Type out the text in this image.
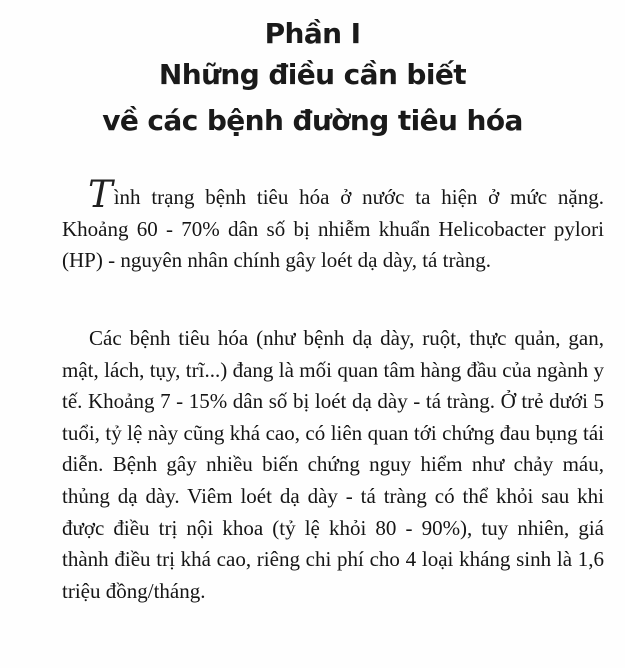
Phần I
Những điều cần biết
về các bệnh đường tiêu hóa

Tình trạng bệnh tiêu hóa ở nước ta hiện ở mức nặng. Khoảng 60 - 70% dân số bị nhiễm khuẩn Helicobacter pylori (HP) - nguyên nhân chính gây loét dạ dày, tá tràng.

Các bệnh tiêu hóa (như bệnh dạ dày, ruột, thực quản, gan, mật, lách, tụy, trĩ...) đang là mối quan tâm hàng đầu của ngành y tế. Khoảng 7 - 15% dân số bị loét dạ dày - tá tràng. Ở trẻ dưới 5 tuổi, tỷ lệ này cũng khá cao, có liên quan tới chứng đau bụng tái diễn. Bệnh gây nhiều biến chứng nguy hiểm như chảy máu, thủng dạ dày. Viêm loét dạ dày - tá tràng có thể khỏi sau khi được điều trị nội khoa (tỷ lệ khỏi 80 - 90%), tuy nhiên, giá thành điều trị khá cao, riêng chi phí cho 4 loại kháng sinh là 1,6 triệu đồng/tháng.
